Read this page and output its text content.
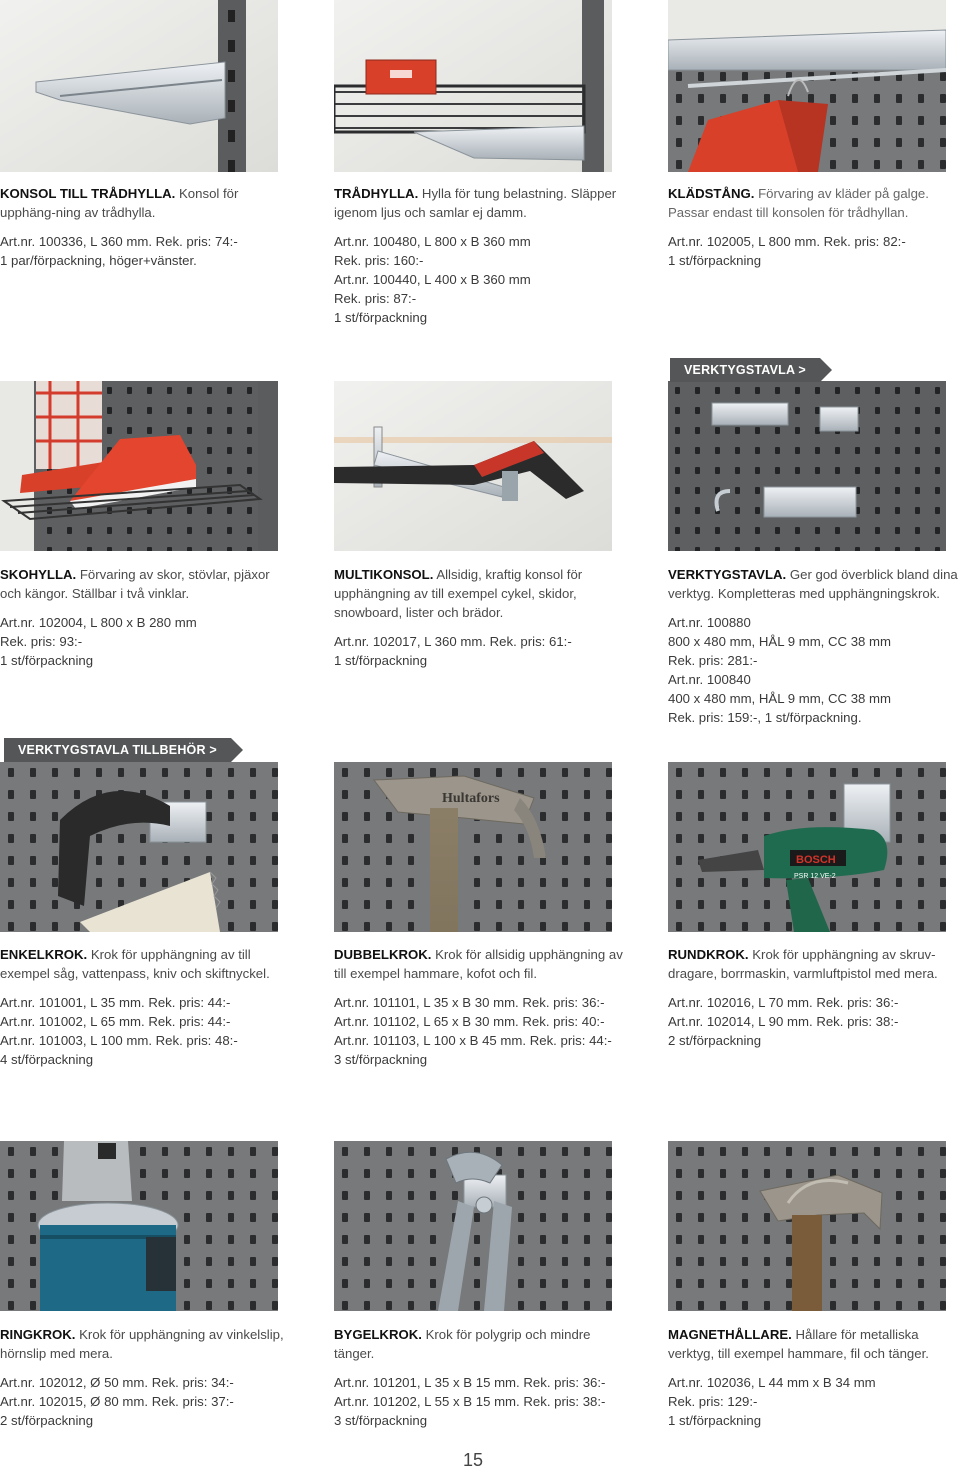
KONSOL TILL TRÅDHYLLA. Konsol för upphäng-ning av trådhylla.

Art.nr. 100336, L 360 mm. Rek. pris: 74:-
1 par/förpackning, höger+vänster.

TRÅDHYLLA. Hylla för tung belastning. Släpper igenom ljus och samlar ej damm.

Art.nr. 100480, L 800 x B 360 mm
Rek. pris: 160:-
Art.nr. 100440, L 400 x B 360 mm
Rek. pris: 87:-
1 st/förpackning

KLÄDSTÅNG. Förvaring av kläder på galge. Passar endast till konsolen för trådhyllan.

Art.nr. 102005, L 800 mm. Rek. pris: 82:-
1 st/förpackning

VERKTYGSTAVLA >

SKOHYLLA. Förvaring av skor, stövlar, pjäxor och kängor. Ställbar i två vinklar.

Art.nr. 102004, L 800 x B 280 mm
Rek. pris: 93:-
1 st/förpackning

MULTIKONSOL. Allsidig, kraftig konsol för upphängning av till exempel cykel, skidor, snowboard, lister och brädor.

Art.nr. 102017, L 360 mm. Rek. pris: 61:-
1 st/förpackning

VERKTYGSTAVLA. Ger god överblick bland dina verktyg. Kompletteras med upphängningskrok.

Art.nr. 100880
800 x 480 mm, HÅL 9 mm, CC 38 mm
Rek. pris: 281:-
Art.nr. 100840
400 x 480 mm, HÅL 9 mm, CC 38 mm
Rek. pris: 159:-, 1 st/förpackning.

VERKTYGSTAVLA TILLBEHÖR >
Hultafors
BOSCH
PSR 12 VE-2

ENKELKROK. Krok för upphängning av till exempel såg, vattenpass, kniv och skiftnyckel.

Art.nr. 101001, L 35 mm. Rek. pris: 44:-
Art.nr. 101002, L 65 mm. Rek. pris: 44:-
Art.nr. 101003, L 100 mm. Rek. pris: 48:-
4 st/förpackning

DUBBELKROK. Krok för allsidig upphängning av till exempel hammare, kofot och fil.

Art.nr. 101101, L 35 x B 30 mm. Rek. pris: 36:-
Art.nr. 101102, L 65 x B 30 mm. Rek. pris: 40:-
Art.nr. 101103, L 100 x B 45 mm. Rek. pris: 44:-
3 st/förpackning

RUNDKROK. Krok för upphängning av skruv-dragare, borrmaskin, varmluftpistol med mera.

Art.nr. 102016, L 70 mm. Rek. pris: 36:-
Art.nr. 102014, L 90 mm. Rek. pris: 38:-
2 st/förpackning

RINGKROK. Krok för upphängning av vinkelslip, hörnslip med mera.

Art.nr. 102012, Ø 50 mm. Rek. pris: 34:-
Art.nr. 102015, Ø 80 mm. Rek. pris: 37:-
2 st/förpackning

BYGELKROK. Krok för polygrip och mindre tänger.

Art.nr. 101201, L 35 x B 15 mm. Rek. pris: 36:-
Art.nr. 101202, L 55 x B 15 mm. Rek. pris: 38:-
3 st/förpackning

MAGNETHÅLLARE. Hållare för metalliska verktyg, till exempel hammare, fil och tänger.

Art.nr. 102036, L 44 mm x B 34 mm
Rek. pris: 129:-
1 st/förpackning

15
